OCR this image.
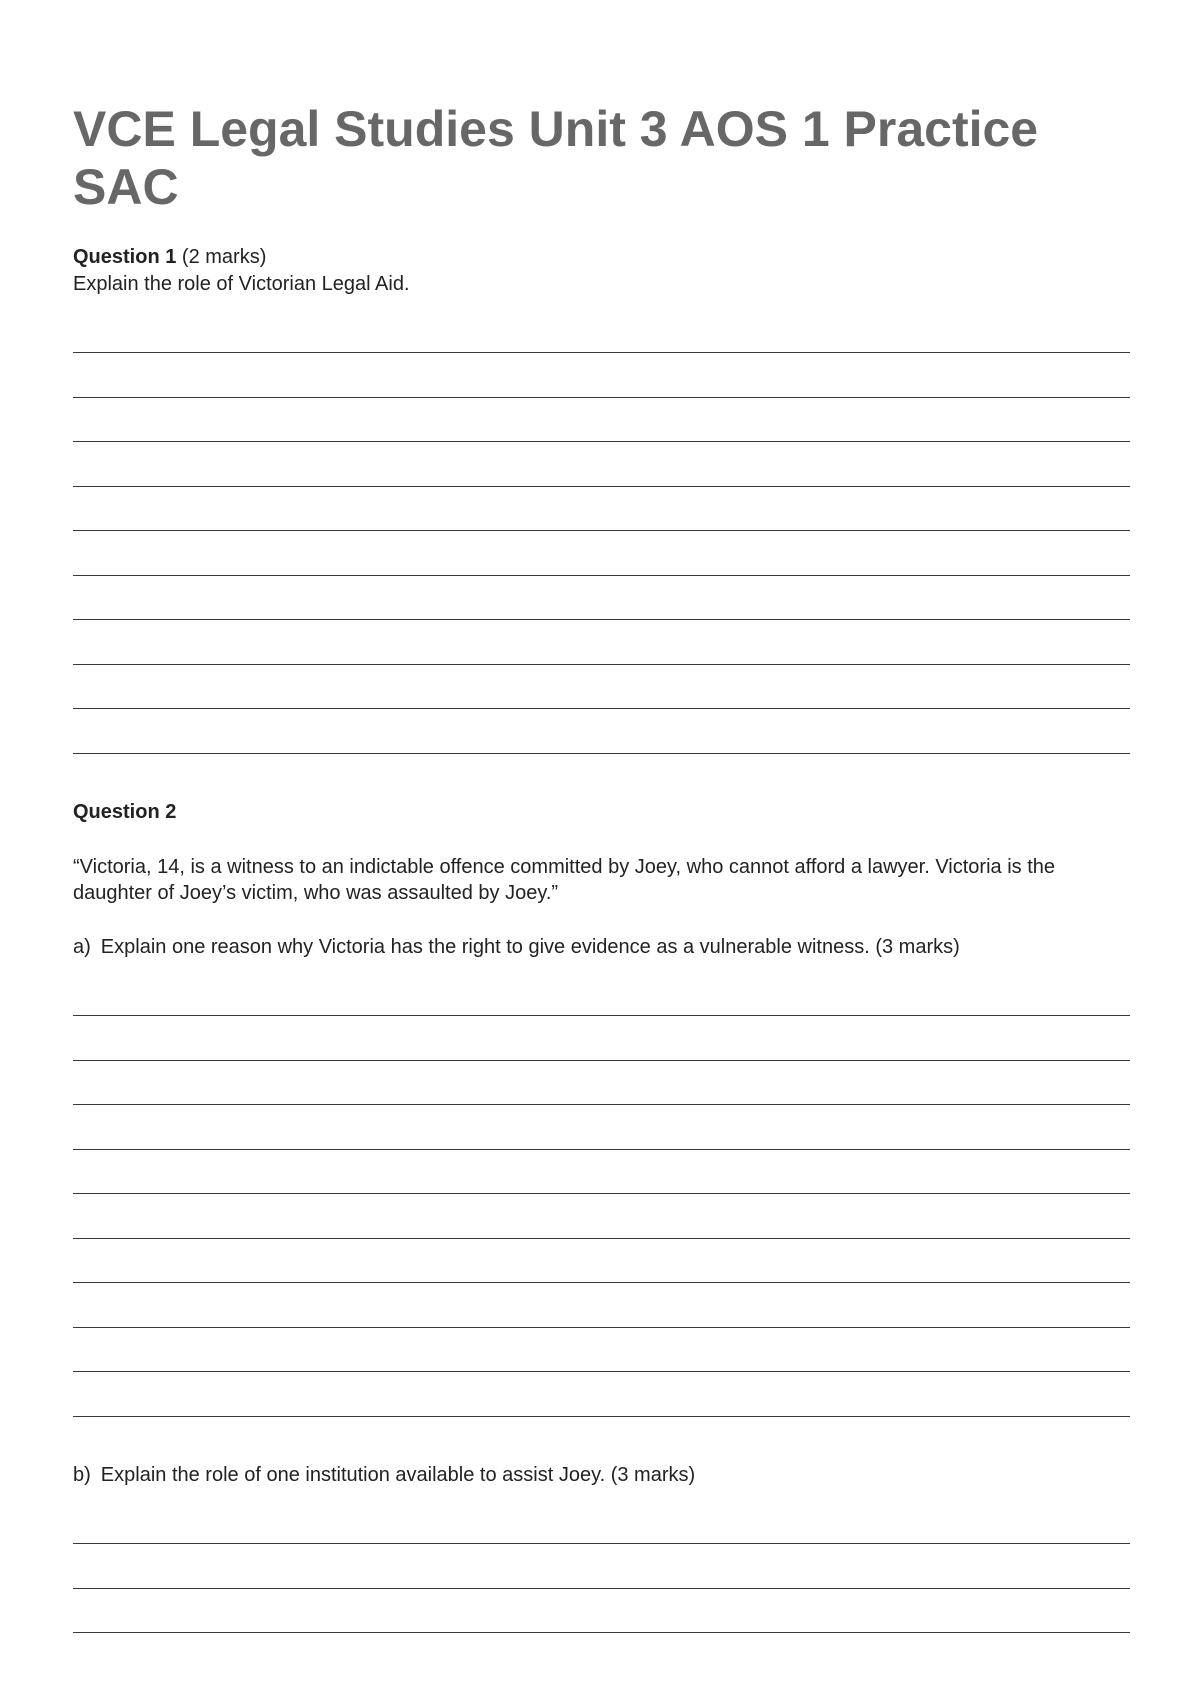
VCE Legal Studies Unit 3 AOS 1 Practice SAC

Question 1 (2 marks)

Explain the role of Victorian Legal Aid.

Question 2

“Victoria, 14, is a witness to an indictable offence committed by Joey, who cannot afford a lawyer. Victoria is the daughter of Joey’s victim, who was assaulted by Joey.”

a) Explain one reason why Victoria has the right to give evidence as a vulnerable witness. (3 marks)

b) Explain the role of one institution available to assist Joey. (3 marks)
